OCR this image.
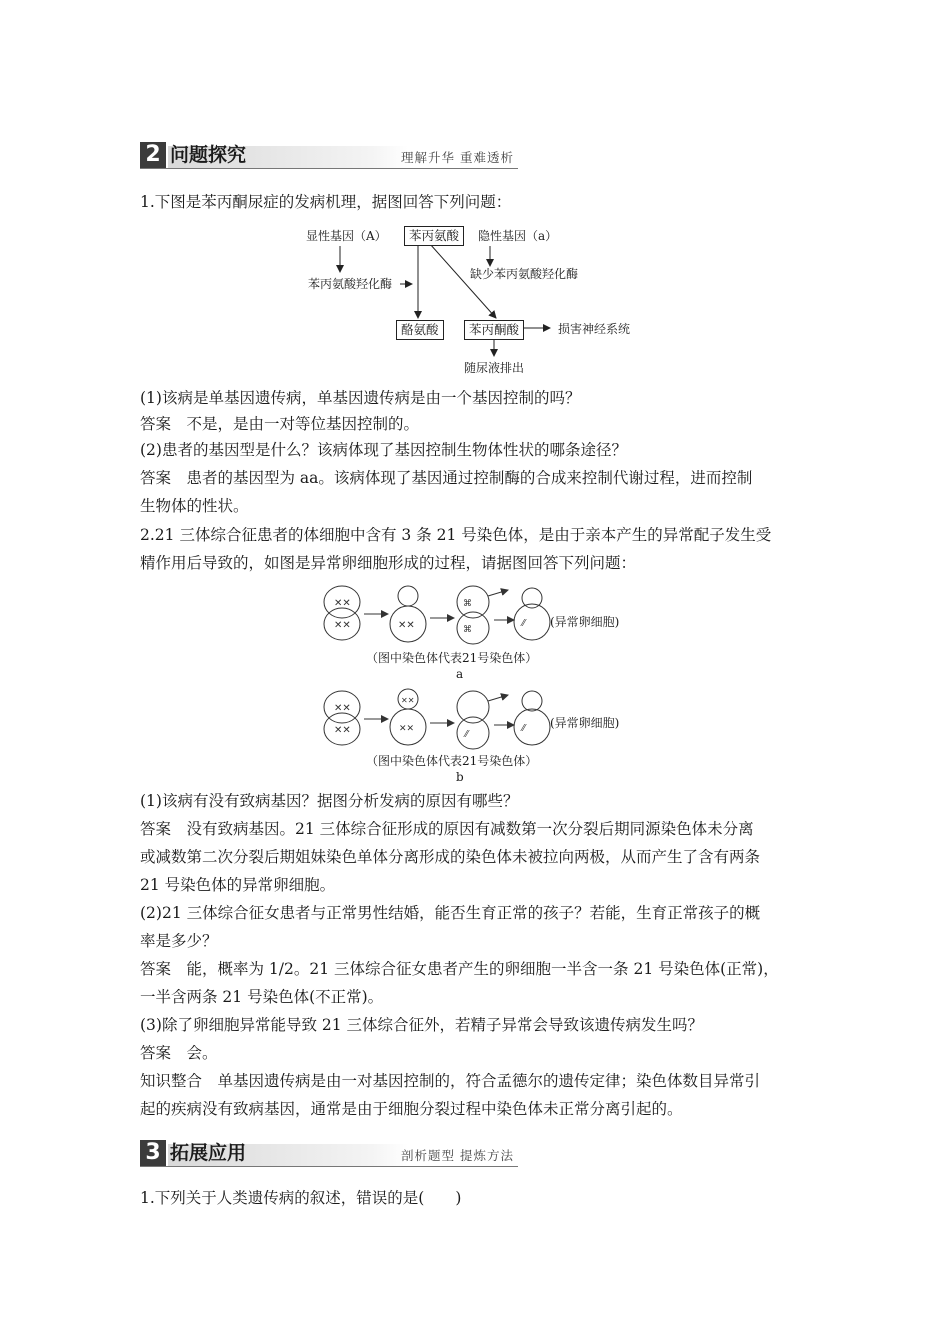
2 问题探究	理解升华 重难透析
1.下图是苯丙酮尿症的发病机理，据图回答下列问题：
显性基因（A）	苯丙氨酸	隐性基因（a）
缺少苯丙氨酸羟化酶
苯丙氨酸羟化酶
酪氨酸	苯丙酮酸	损害神经系统
随尿液排出
(1)该病是单基因遗传病，单基因遗传病是由一个基因控制的吗？
答案　不是，是由一对等位基因控制的。
(2)患者的基因型是什么？该病体现了基因控制生物体性状的哪条途径？
答案　患者的基因型为 aa。该病体现了基因通过控制酶的合成来控制代谢过程，进而控制
生物体的性状。
2.21 三体综合征患者的体细胞中含有 3 条 21 号染色体，是由于亲本产生的异常配子发生受
精作用后导致的，如图是异常卵细胞形成的过程，请据图回答下列问题：
✕✕
✕✕	✕✕
⌘
⌘
⁄⁄ (异常卵细胞)
（图中染色体代表21号染色体）
a
✕✕
✕✕
✕✕
✕✕
⁄⁄
⁄⁄ (异常卵细胞)
（图中染色体代表21号染色体）
b
(1)该病有没有致病基因？据图分析发病的原因有哪些？
答案　没有致病基因。21 三体综合征形成的原因有减数第一次分裂后期同源染色体未分离
或减数第二次分裂后期姐妹染色单体分离形成的染色体未被拉向两极，从而产生了含有两条
21 号染色体的异常卵细胞。
(2)21 三体综合征女患者与正常男性结婚，能否生育正常的孩子？若能，生育正常孩子的概
率是多少？
答案　能，概率为 1/2。21 三体综合征女患者产生的卵细胞一半含一条 21 号染色体(正常)，
一半含两条 21 号染色体(不正常)。
(3)除了卵细胞异常能导致 21 三体综合征外，若精子异常会导致该遗传病发生吗？
答案　会。
知识整合　单基因遗传病是由一对基因控制的，符合孟德尔的遗传定律；染色体数目异常引
起的疾病没有致病基因，通常是由于细胞分裂过程中染色体未正常分离引起的。
3 拓展应用	剖析题型 提炼方法
1.下列关于人类遗传病的叙述，错误的是(　　)
